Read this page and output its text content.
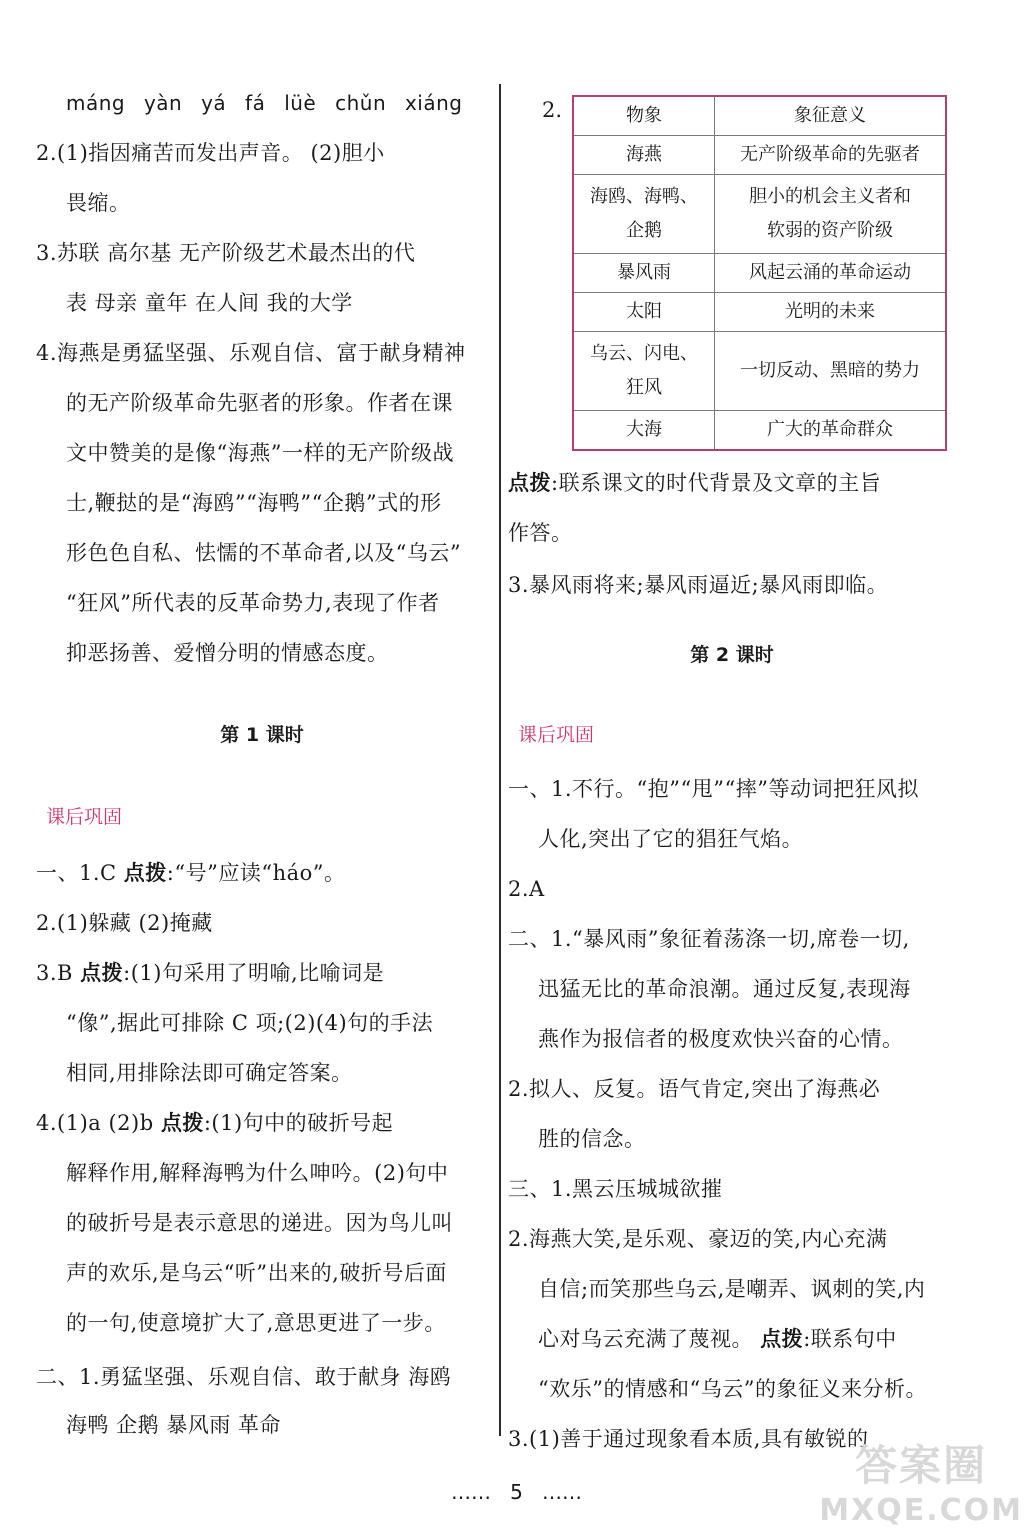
máng yàn yá fá lüè chǔn xiáng
2.(1)指因痛苦而发出声音。 (2)胆小
畏缩。
3.苏联 高尔基 无产阶级艺术最杰出的代
表 母亲 童年 在人间 我的大学
4.海燕是勇猛坚强、乐观自信、富于献身精神
的无产阶级革命先驱者的形象。作者在课
文中赞美的是像“海燕”一样的无产阶级战
士,鞭挞的是“海鸥”“海鸭”“企鹅”式的形
形色色自私、怯懦的不革命者,以及“乌云”
“狂风”所代表的反革命势力,表现了作者
抑恶扬善、爱憎分明的情感态度。
第 1 课时
课后巩固
一、1.C 点拨:“号”应读“háo”。
2.(1)躲藏 (2)掩藏
3.B 点拨:(1)句采用了明喻,比喻词是
“像”,据此可排除 C 项;(2)(4)句的手法
相同,用排除法即可确定答案。
4.(1)a (2)b 点拨:(1)句中的破折号起
解释作用,解释海鸭为什么呻吟。(2)句中
的破折号是表示意思的递进。因为鸟儿叫
声的欢乐,是乌云“听”出来的,破折号后面
的一句,使意境扩大了,意思更进了一步。
二、1.勇猛坚强、乐观自信、敢于献身 海鸥
海鸭 企鹅 暴风雨 革命
2.	物象	象征意义
海燕	无产阶级革命的先驱者

海鸥、海鸭、
企鹅	胆小的机会主义者和
软弱的资产阶级

暴风雨	风起云涌的革命运动
太阳	光明的未来

乌云、闪电、
狂风	一切反动、黑暗的势力

大海	广大的革命群众
点拨:联系课文的时代背景及文章的主旨
作答。
3.暴风雨将来;暴风雨逼近;暴风雨即临。
第 2 课时
课后巩固
一、1.不行。“抱”“甩”“摔”等动词把狂风拟
人化,突出了它的猖狂气焰。
2.A
二、1.“暴风雨”象征着荡涤一切,席卷一切,
迅猛无比的革命浪潮。通过反复,表现海
燕作为报信者的极度欢快兴奋的心情。
2.拟人、反复。语气肯定,突出了海燕必
胜的信念。
三、1.黑云压城城欲摧
2.海燕大笑,是乐观、豪迈的笑,内心充满
自信;而笑那些乌云,是嘲弄、讽刺的笑,内
心对乌云充满了蔑视。 点拨:联系句中
“欢乐”的情感和“乌云”的象征义来分析。
3.(1)善于通过现象看本质,具有敏锐的
…… 5 ……
答案圈
MXQE.COM
